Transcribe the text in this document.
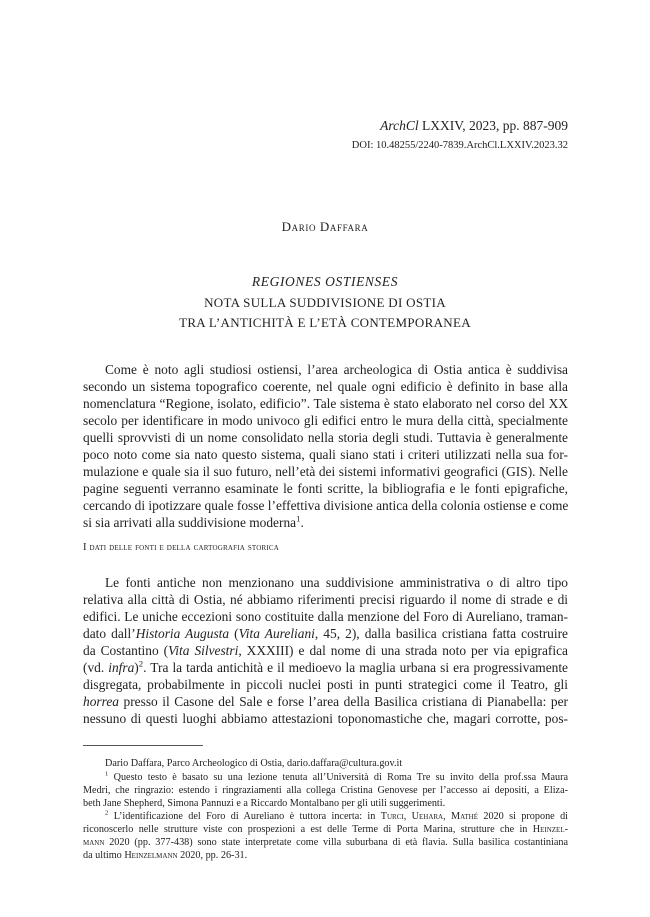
ArchCl LXXIV, 2023, pp. 887-909
DOI: 10.48255/2240-7839.ArchCl.LXXIV.2023.32
Dario Daffara
REGIONES OSTIENSES
NOTA SULLA SUDDIVISIONE DI OSTIA
TRA L’ANTICHITÀ E L’ETÀ CONTEMPORANEA
Come è noto agli studiosi ostiensi, l’area archeologica di Ostia antica è suddivisa
secondo un sistema topografico coerente, nel quale ogni edificio è definito in base alla
nomenclatura “Regione, isolato, edificio”. Tale sistema è stato elaborato nel corso del XX
secolo per identificare in modo univoco gli edifici entro le mura della città, specialmente
quelli sprovvisti di un nome consolidato nella storia degli studi. Tuttavia è generalmente
poco noto come sia nato questo sistema, quali siano stati i criteri utilizzati nella sua for-
mulazione e quale sia il suo futuro, nell’età dei sistemi informativi geografici (GIS). Nelle
pagine seguenti verranno esaminate le fonti scritte, la bibliografia e le fonti epigrafiche,
cercando di ipotizzare quale fosse l’effettiva divisione antica della colonia ostiense e come
si sia arrivati alla suddivisione moderna$^1$.
I dati delle fonti e della cartografia storica
Le fonti antiche non menzionano una suddivisione amministrativa o di altro tipo
relativa alla città di Ostia, né abbiamo riferimenti precisi riguardo il nome di strade e di
edifici. Le uniche eccezioni sono costituite dalla menzione del Foro di Aureliano, traman-
dato dall’Historia Augusta (Vita Aureliani, 45, 2), dalla basilica cristiana fatta costruire
da Costantino (Vita Silvestri, XXXIII) e dal nome di una strada noto per via epigrafica
(vd. infra)$^2$. Tra la tarda antichità e il medioevo la maglia urbana si era progressivamente
disgregata, probabilmente in piccoli nuclei posti in punti strategici come il Teatro, gli
horrea presso il Casone del Sale e forse l’area della Basilica cristiana di Pianabella: per
nessuno di questi luoghi abbiamo attestazioni toponomastiche che, magari corrotte, pos-
Dario Daffara, Parco Archeologico di Ostia, dario.daffara@cultura.gov.it
$^1$ Questo testo è basato su una lezione tenuta all’Università di Roma Tre su invito della prof.ssa Maura
Medri, che ringrazio: estendo i ringraziamenti alla collega Cristina Genovese per l’accesso ai depositi, a Eliza-
beth Jane Shepherd, Simona Pannuzi e a Riccardo Montalbano per gli utili suggerimenti.
$^2$ L’identificazione del Foro di Aureliano è tuttora incerta: in Turci, Uehara, Mathé 2020 si propone di
riconoscerlo nelle strutture viste con prospezioni a est delle Terme di Porta Marina, strutture che in Heinzel-
mann 2020 (pp. 377-438) sono state interpretate come villa suburbana di età flavia. Sulla basilica costantiniana
da ultimo Heinzelmann 2020, pp. 26-31.
